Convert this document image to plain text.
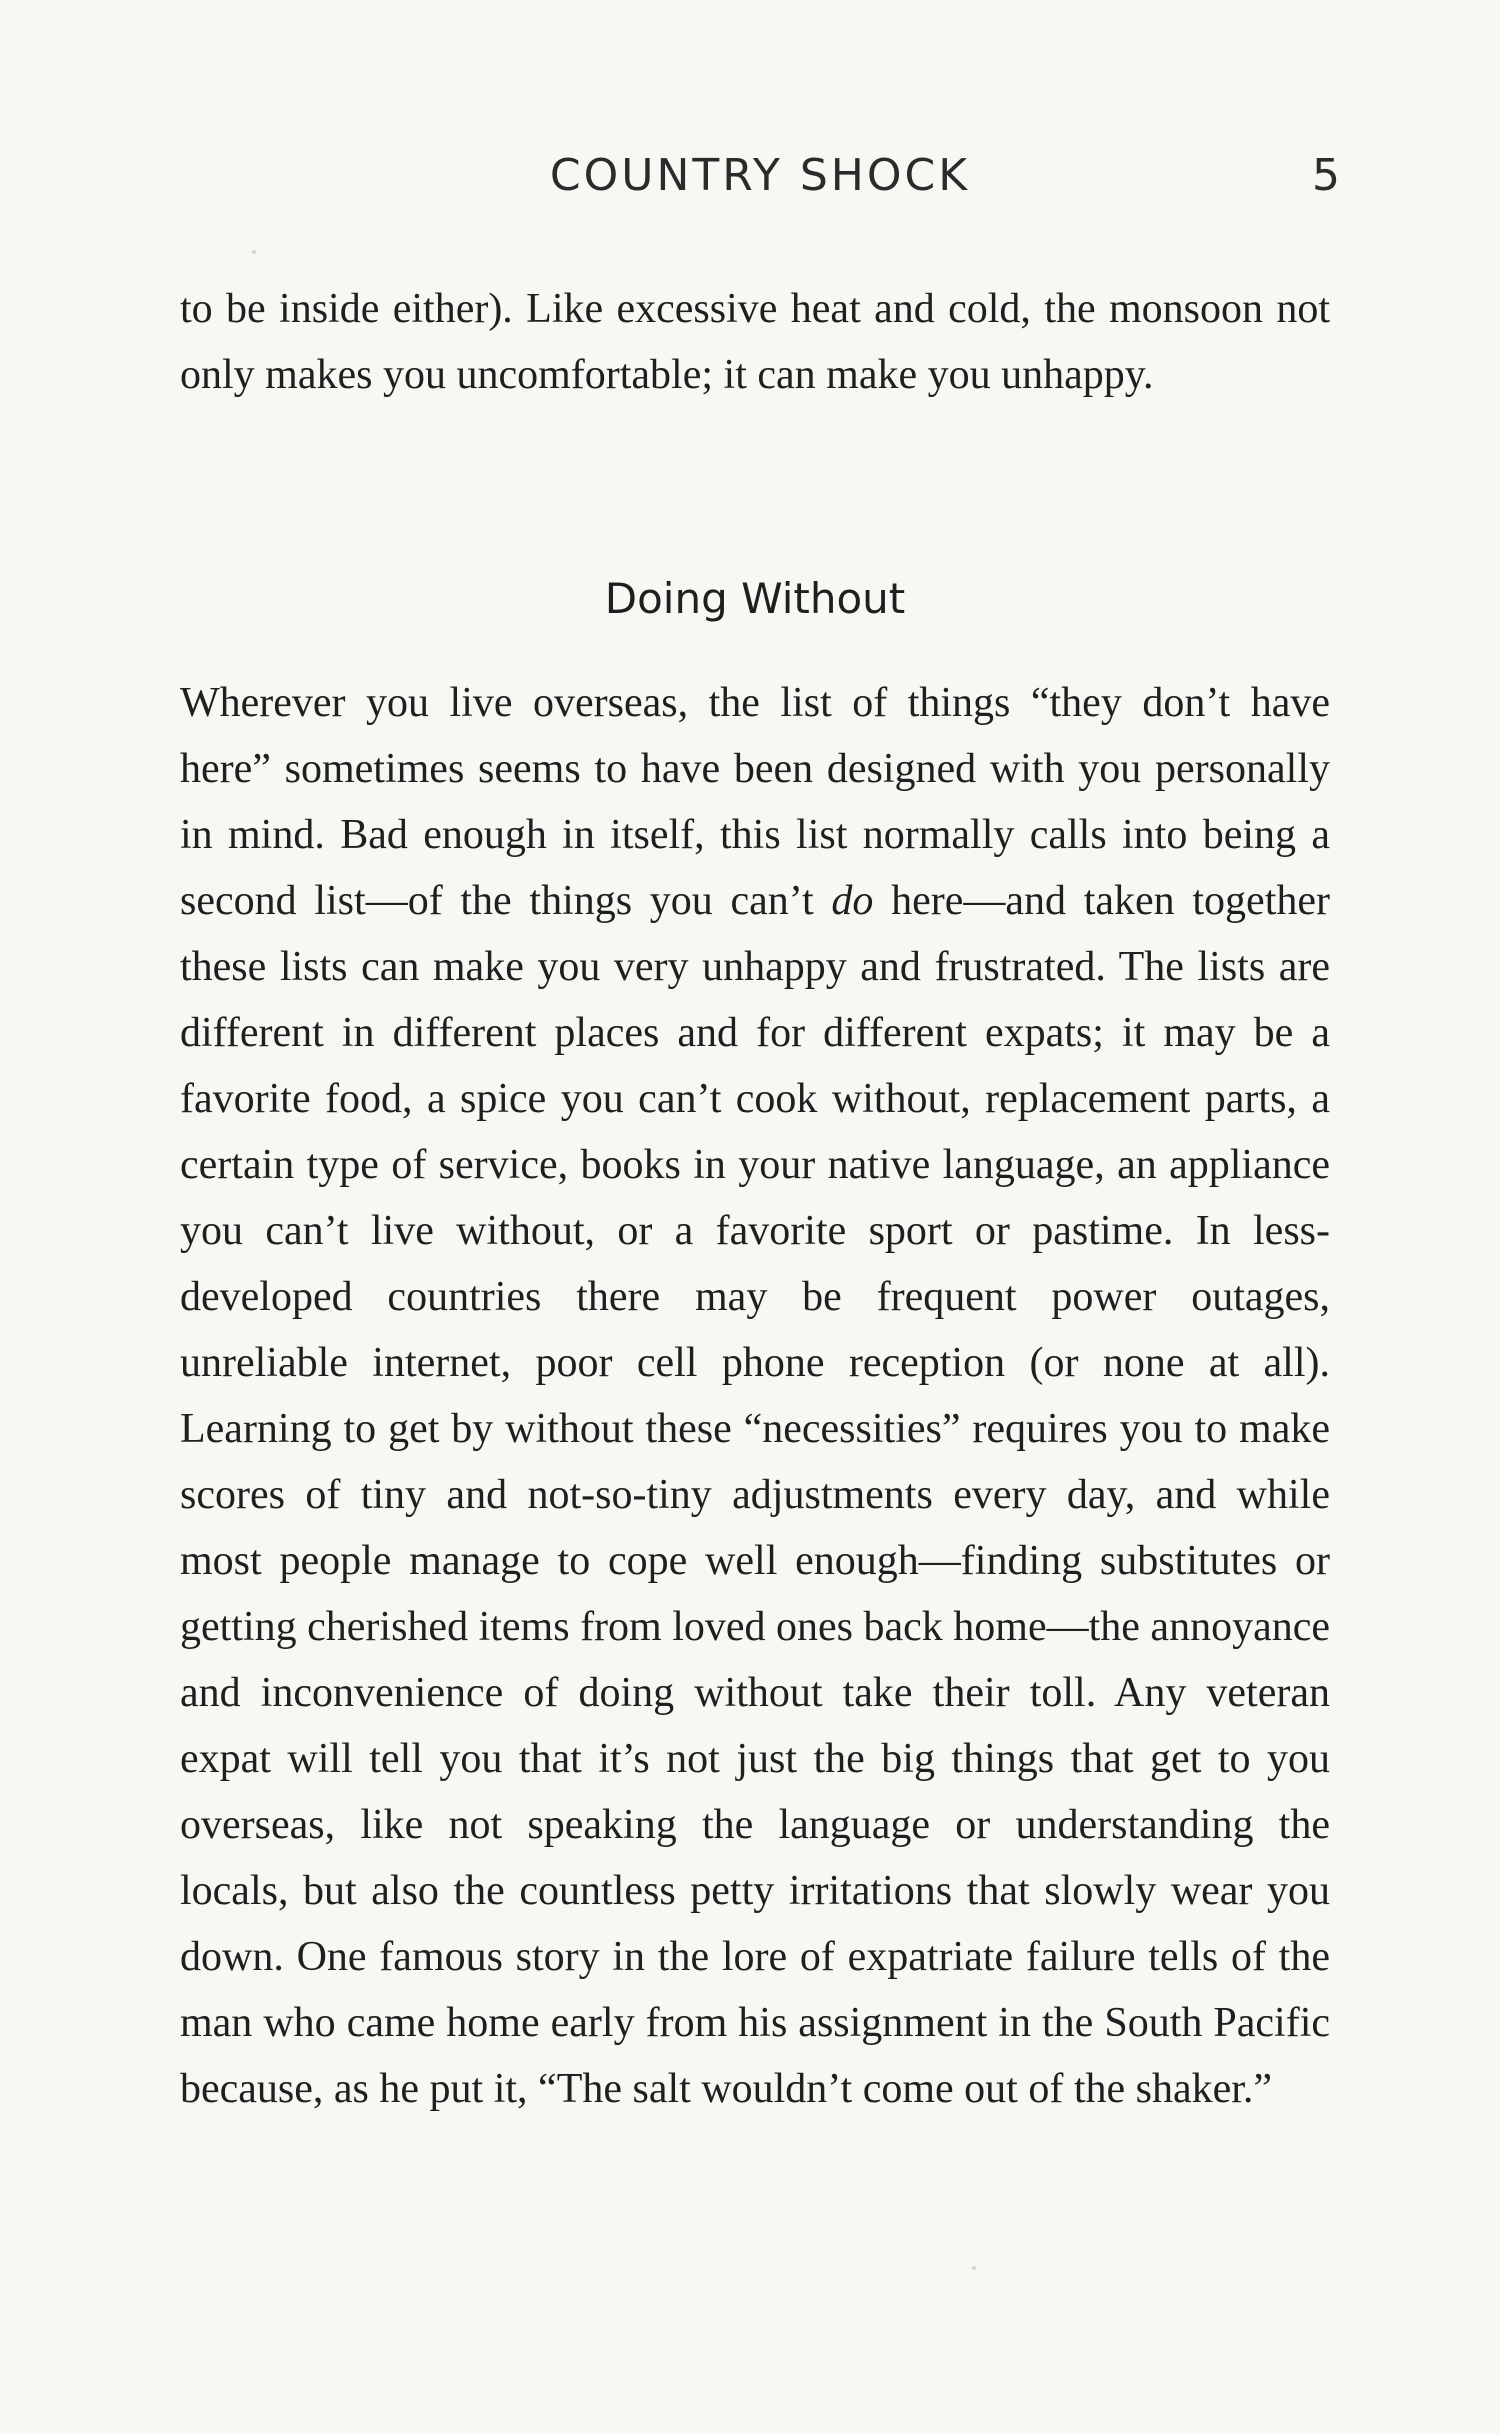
COUNTRY SHOCK	5

to be inside either). Like excessive heat and cold, the monsoon not only makes you uncomfortable; it can make you unhappy.

Doing Without

Wherever you live overseas, the list of things “they don’t have here” sometimes seems to have been designed with you personally in mind. Bad enough in itself, this list normally calls into being a second list—of the things you can’t do here—and taken together these lists can make you very unhappy and frustrated. The lists are different in different places and for different expats; it may be a favorite food, a spice you can’t cook without, replacement parts, a certain type of service, books in your native language, an appliance you can’t live without, or a favorite sport or pastime. In less-developed countries there may be frequent power outages, unreliable internet, poor cell phone reception (or none at all). Learning to get by without these “necessities” requires you to make scores of tiny and not-so-tiny adjustments every day, and while most people manage to cope well enough—finding substitutes or getting cherished items from loved ones back home—the annoyance and inconvenience of doing without take their toll. Any veteran expat will tell you that it’s not just the big things that get to you overseas, like not speaking the language or understanding the locals, but also the countless petty irritations that slowly wear you down. One famous story in the lore of expatriate failure tells of the man who came home early from his assignment in the South Pacific because, as he put it, “The salt wouldn’t come out of the shaker.”
